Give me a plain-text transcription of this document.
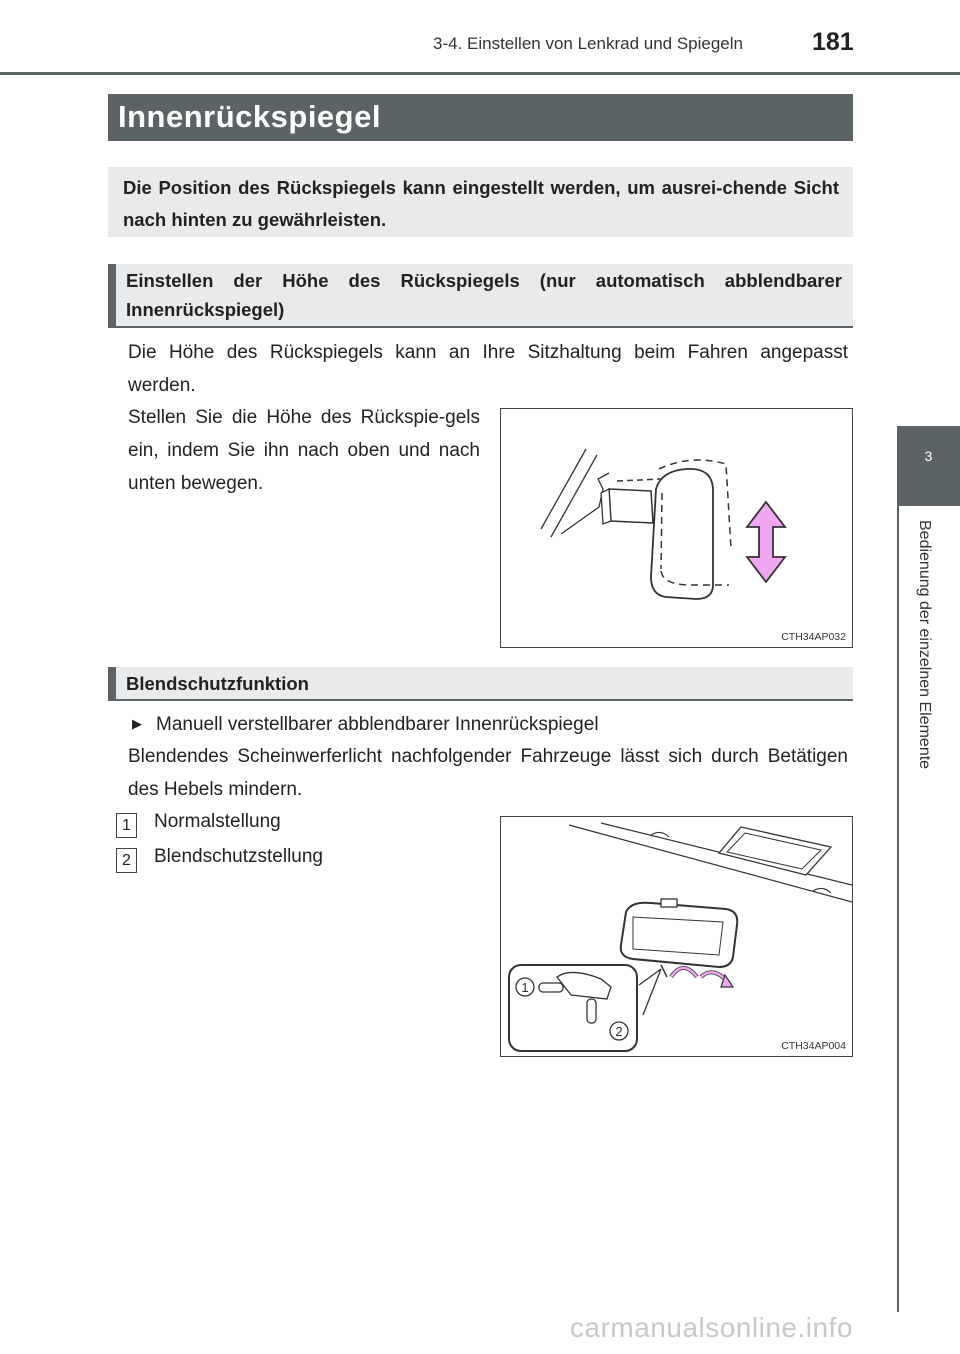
3-4. Einstellen von Lenkrad und Spiegeln	181
3
Bedienung der einzelnen Elemente
Innenrückspiegel
Die Position des Rückspiegels kann eingestellt werden, um ausrei-chende Sicht nach hinten zu gewährleisten.
Einstellen der Höhe des Rückspiegels (nur automatisch abblendbarer Innenrückspiegel)
Die Höhe des Rückspiegels kann an Ihre Sitzhaltung beim Fahren angepasst werden.
Stellen Sie die Höhe des Rückspie-gels ein, indem Sie ihn nach oben und nach unten bewegen.
CTH34AP032
Blendschutzfunktion
▶ Manuell verstellbarer abblendbarer Innenrückspiegel
Blendendes Scheinwerferlicht nachfolgender Fahrzeuge lässt sich durch Betätigen des Hebels mindern.
1	Normalstellung
2	Blendschutzstellung
1
2
CTH34AP004
carmanualsonline.info
